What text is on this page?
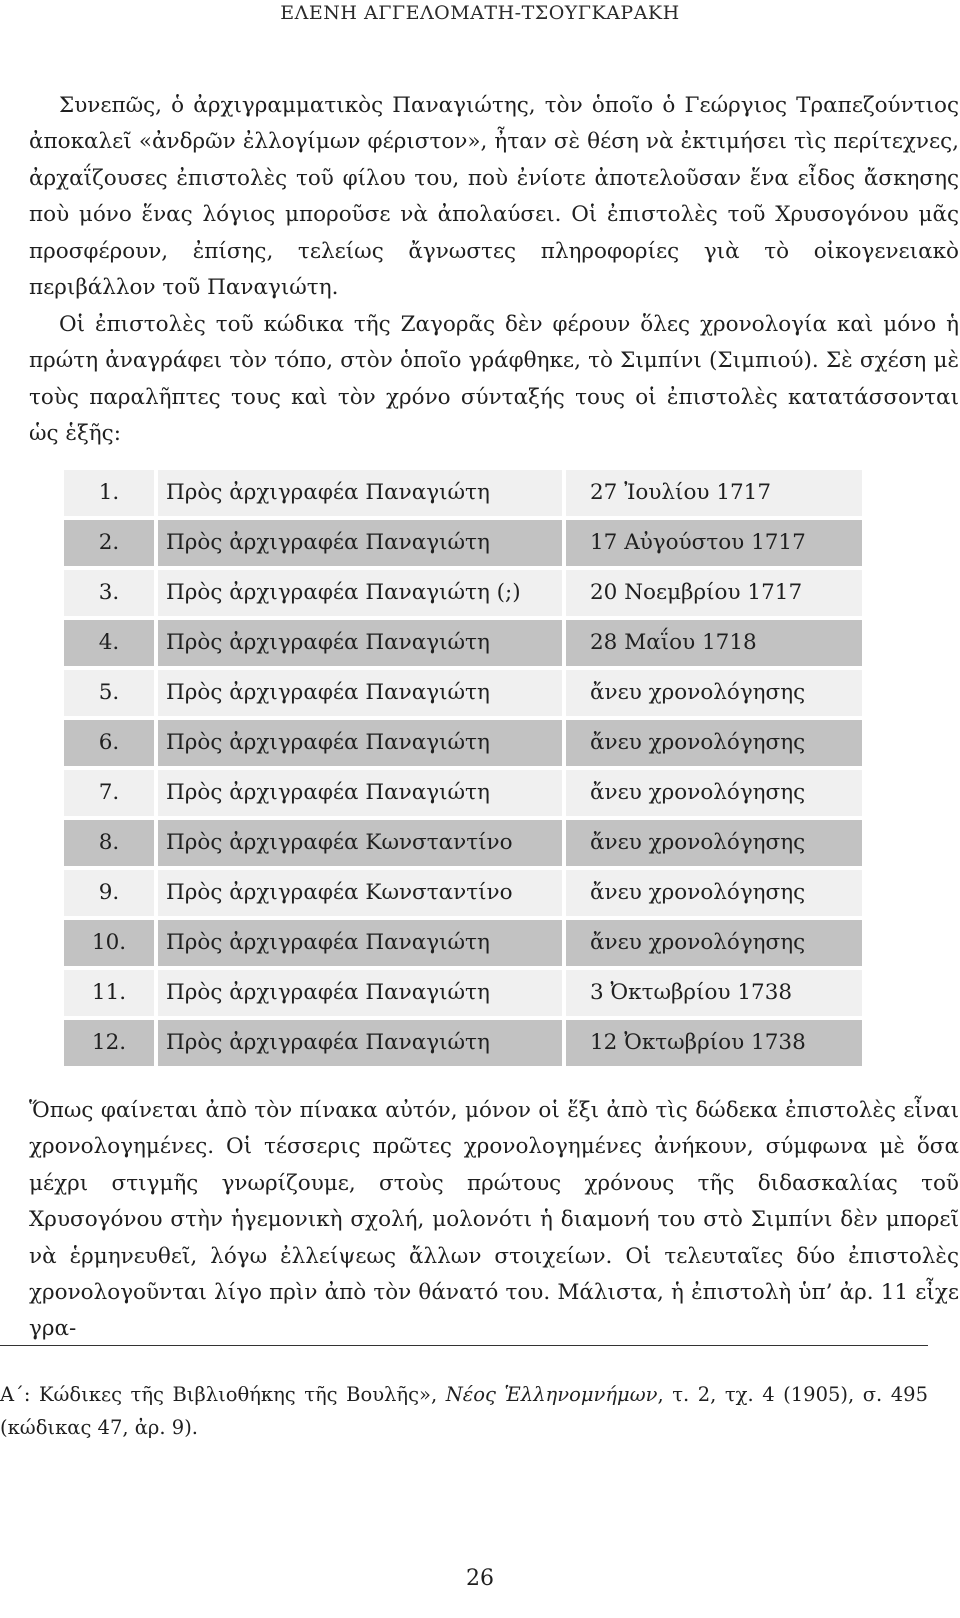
ΕΛΕΝΗ ΑΓΓΕΛΟΜΑΤΗ-ΤΣΟΥΓΚΑΡΑΚΗ

Συνεπῶς, ὁ ἀρχιγραμματικὸς Παναγιώτης, τὸν ὁποῖο ὁ Γεώργιος Τραπεζούντιος ἀποκαλεῖ «ἀνδρῶν ἐλλογίμων φέριστον», ἦταν σὲ θέση νὰ ἐκτιμήσει τὶς περίτεχνες, ἀρχαΐζουσες ἐπιστολὲς τοῦ φίλου του, ποὺ ἐνίοτε ἀποτελοῦσαν ἕνα εἶδος ἄσκησης ποὺ μόνο ἕνας λόγιος μποροῦσε νὰ ἀπολαύσει. Οἱ ἐπιστολὲς τοῦ Χρυσογόνου μᾶς προσφέρουν, ἐπίσης, τελείως ἄγνωστες πληροφορίες γιὰ τὸ οἰκογενειακὸ περιβάλλον τοῦ Παναγιώτη.

Οἱ ἐπιστολὲς τοῦ κώδικα τῆς Ζαγορᾶς δὲν φέρουν ὅλες χρονολογία καὶ μόνο ἡ πρώτη ἀναγράφει τὸν τόπο, στὸν ὁποῖο γράφθηκε, τὸ Σιμπίνι (Σιμπιού). Σὲ σχέση μὲ τοὺς παραλῆπτες τους καὶ τὸν χρόνο σύνταξής τους οἱ ἐπιστολὲς κατατάσσονται ὡς ἑξῆς:

1.	Πρὸς ἀρχιγραφέα Παναγιώτη	27 Ἰουλίου 1717
2.	Πρὸς ἀρχιγραφέα Παναγιώτη	17 Αὐγούστου 1717
3.	Πρὸς ἀρχιγραφέα Παναγιώτη (;)	20 Νοεμβρίου 1717
4.	Πρὸς ἀρχιγραφέα Παναγιώτη	28 Μαΐου 1718
5.	Πρὸς ἀρχιγραφέα Παναγιώτη	ἄνευ χρονολόγησης
6.	Πρὸς ἀρχιγραφέα Παναγιώτη	ἄνευ χρονολόγησης
7.	Πρὸς ἀρχιγραφέα Παναγιώτη	ἄνευ χρονολόγησης
8.	Πρὸς ἀρχιγραφέα Κωνσταντίνο	ἄνευ χρονολόγησης
9.	Πρὸς ἀρχιγραφέα Κωνσταντίνο	ἄνευ χρονολόγησης
10.	Πρὸς ἀρχιγραφέα Παναγιώτη	ἄνευ χρονολόγησης
11.	Πρὸς ἀρχιγραφέα Παναγιώτη	3 Ὀκτωβρίου 1738
12.	Πρὸς ἀρχιγραφέα Παναγιώτη	12 Ὀκτωβρίου 1738

Ὅπως φαίνεται ἀπὸ τὸν πίνακα αὐτόν, μόνον οἱ ἕξι ἀπὸ τὶς δώδεκα ἐπιστολὲς εἶναι χρονολογημένες. Οἱ τέσσερις πρῶτες χρονολογημένες ἀνήκουν, σύμφωνα μὲ ὅσα μέχρι στιγμῆς γνωρίζουμε, στοὺς πρώτους χρόνους τῆς διδασκαλίας τοῦ Χρυσογόνου στὴν ἡγεμονικὴ σχολή, μολονότι ἡ διαμονή του στὸ Σιμπίνι δὲν μπορεῖ νὰ ἑρμηνευθεῖ, λόγω ἐλλείψεως ἄλλων στοιχείων. Οἱ τελευταῖες δύο ἐπιστολὲς χρονολογοῦνται λίγο πρὶν ἀπὸ τὸν θάνατό του. Μάλιστα, ἡ ἐπιστολὴ ὑπ’ ἀρ. 11 εἶχε γρα-

Α΄: Κώδικες τῆς Βιβλιοθήκης τῆς Βουλῆς», Νέος Ἑλληνομνήμων, τ. 2, τχ. 4 (1905), σ. 495 (κώδικας 47, ἀρ. 9).

26
